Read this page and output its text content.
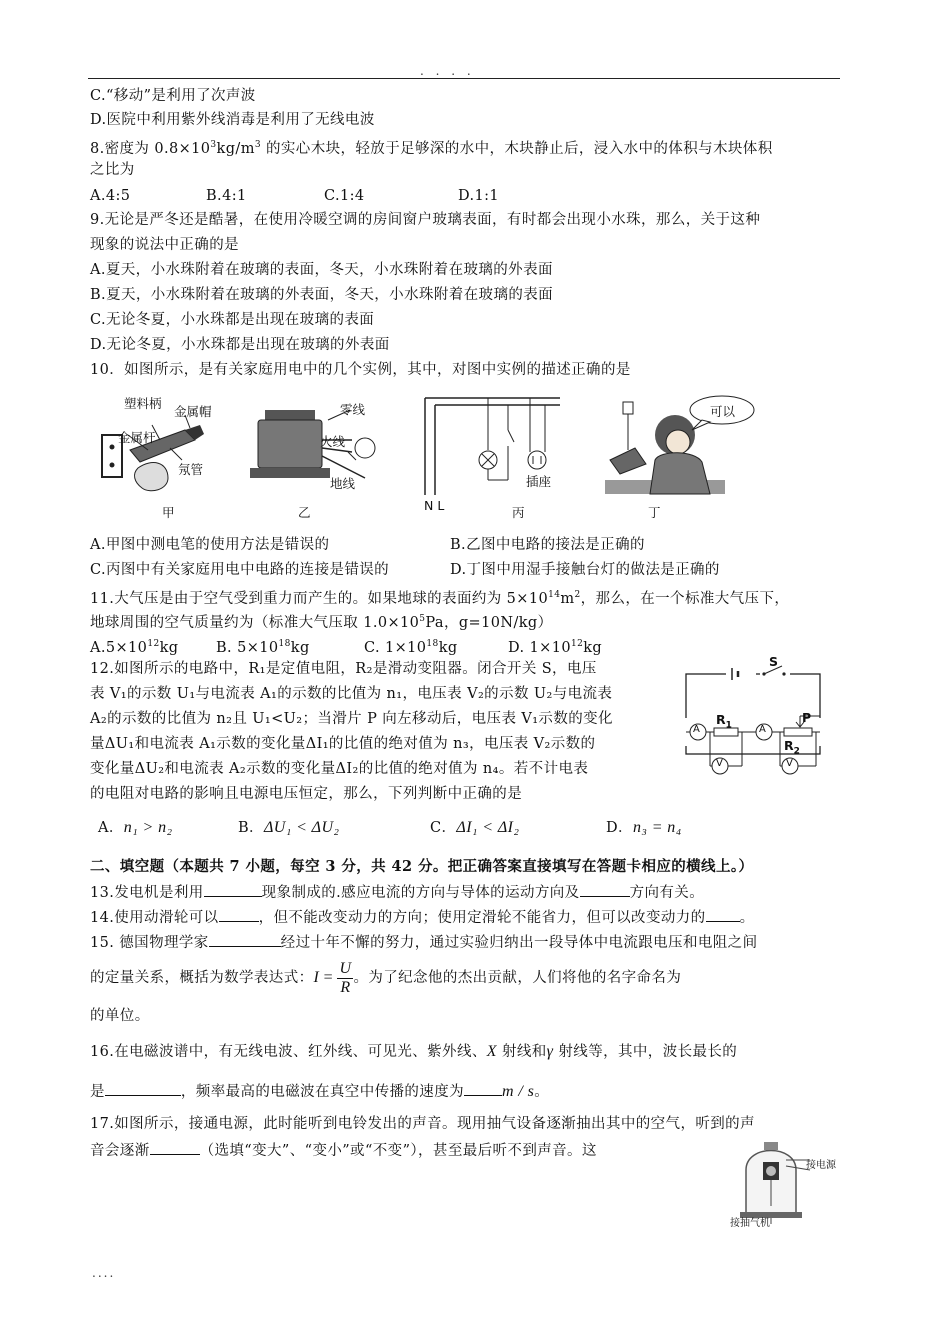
. . . .
C.“移动”是利用了次声波
D.医院中利用紫外线消毒是利用了无线电波
8.密度为 $0.8\times 10^3kg/m^3$ 的实心木块，轻放于足够深的水中，木块静止后，浸入水中的体积与木块体积
之比为
A.4:5	B.4:1	C.1:4	D.1:1
9.无论是严冬还是酷暑，在使用冷暖空调的房间窗户玻璃表面，有时都会出现小水珠，那么，关于这种
现象的说法中正确的是
A.夏天，小水珠附着在玻璃的表面，冬天，小水珠附着在玻璃的外表面
B.夏天，小水珠附着在玻璃的外表面，冬天，小水珠附着在玻璃的表面
C.无论冬夏，小水珠都是出现在玻璃的表面
D.无论冬夏，小水珠都是出现在玻璃的外表面
10．如图所示，是有关家庭用电中的几个实例，其中，对图中实例的描述正确的是
塑料柄
金属帽
金属杆
氖管
甲
零线
火线
地线
乙	N L
插座
丙
可以
丁
A.甲图中测电笔的使用方法是错误的	B.乙图中电路的接法是正确的
C.丙图中有关家庭用电中电路的连接是错误的	D.丁图中用湿手接触台灯的做法是正确的
11.大气压是由于空气受到重力而产生的。如果地球的表面约为 $5\times 10^{14}m^2$，那么，在一个标准大气压下，
地球周围的空气质量约为（标准大气压取 $1.0\times 10^5Pa$，g=10N/kg）
$A.5\times 10^{12}kg$	B. $5\times 10^{18}kg$	C. $1\times 10^{18}kg$	D. $1\times 10^{12}kg$
12.如图所示的电路中，R₁是定值电阻，R₂是滑动变阻器。闭合开关 S，电压
表 V₁的示数 U₁与电流表 A₁的示数的比值为 n₁，电压表 V₂的示数 U₂与电流表
A₂的示数的比值为 n₂且 U₁<U₂；当滑片 P 向左移动后，电压表 V₁示数的变化
量ΔU₁和电流表 A₁示数的变化量ΔI₁的比值的绝对值为 n₃，电压表 V₂示数的
变化量ΔU₂和电流表 A₂示数的变化量ΔI₂的比值的绝对值为 n₄。若不计电表
的电阻对电路的影响且电源电压恒定，那么，下列判断中正确的是
S
$R_1$
$R_2$
P
A	A
V	V
A．n₁ > n₂	B．ΔU₁ < ΔU₂	C．ΔI₁ < ΔI₂	D．n₃ = n₄
二、填空题（本题共 7 小题，每空 3 分，共 42 分。把正确答案直接填写在答题卡相应的横线上。）
13.发电机是利用	现象制成的.感应电流的方向与导体的运动方向及	方向有关。
14.使用动滑轮可以	，但不能改变动力的方向；使用定滑轮不能省力，但可以改变动力的 。
15. 德国物理学家	经过十年不懈的努力，通过实验归纳出一段导体中电流跟电压和电阻之间
的定量关系，概括为数学表达式：$I = \frac{U}{R}$ 。为了纪念他的杰出贡献，人们将他的名字命名为
的单位。
16.在电磁波谱中，有无线电波、红外线、可见光、紫外线、X 射线和γ 射线等，其中，波长最长的
是	，频率最高的电磁波在真空中传播的速度为 m / s。
17.如图所示，接通电源，此时能听到电铃发出的声音。现用抽气设备逐渐抽出其中的空气，听到的声
音会逐渐	（选填“变大”、“变小”或“不变”），甚至最后听不到声音。这
接电源
接抽气机
....
